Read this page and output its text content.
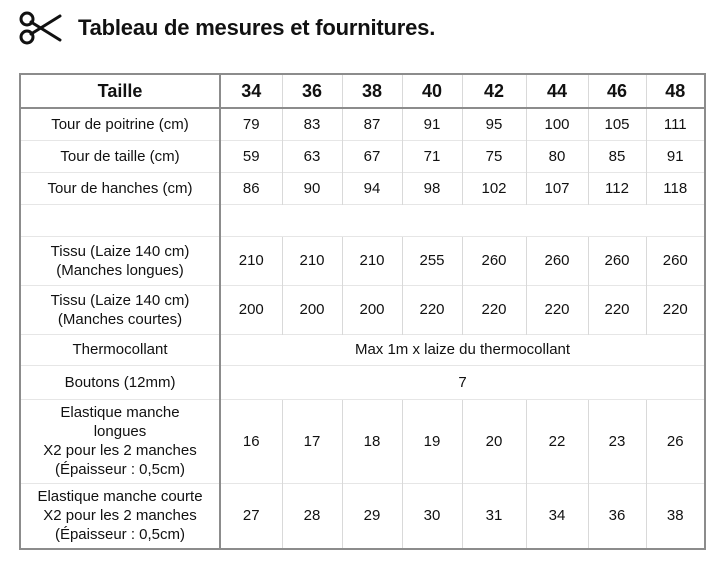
Tableau de mesures et fournitures.
Taille	34	36	38	40	42	44	46	48
Tour de poitrine (cm)	79	83	87	91	95	100	105	111
Tour de taille (cm)	59	63	67	71	75	80	85	91
Tour de hanches (cm)	86	90	94	98	102	107	112	118

Tissu (Laize 140 cm)
(Manches longues)	210	210	210	255	260	260	260	260

Tissu (Laize 140 cm)
(Manches courtes)	200	200	200	220	220	220	220	220
Thermocollant	Max 1m x laize du thermocollant							
Boutons (12mm)	7							

Elastique manche
longues
X2 pour les 2 manches
(Épaisseur : 0,5cm)	16	17	18	19	20	22	23	26

Elastique manche courte
X2 pour les 2 manches
(Épaisseur : 0,5cm)	27	28	29	30	31	34	36	38
